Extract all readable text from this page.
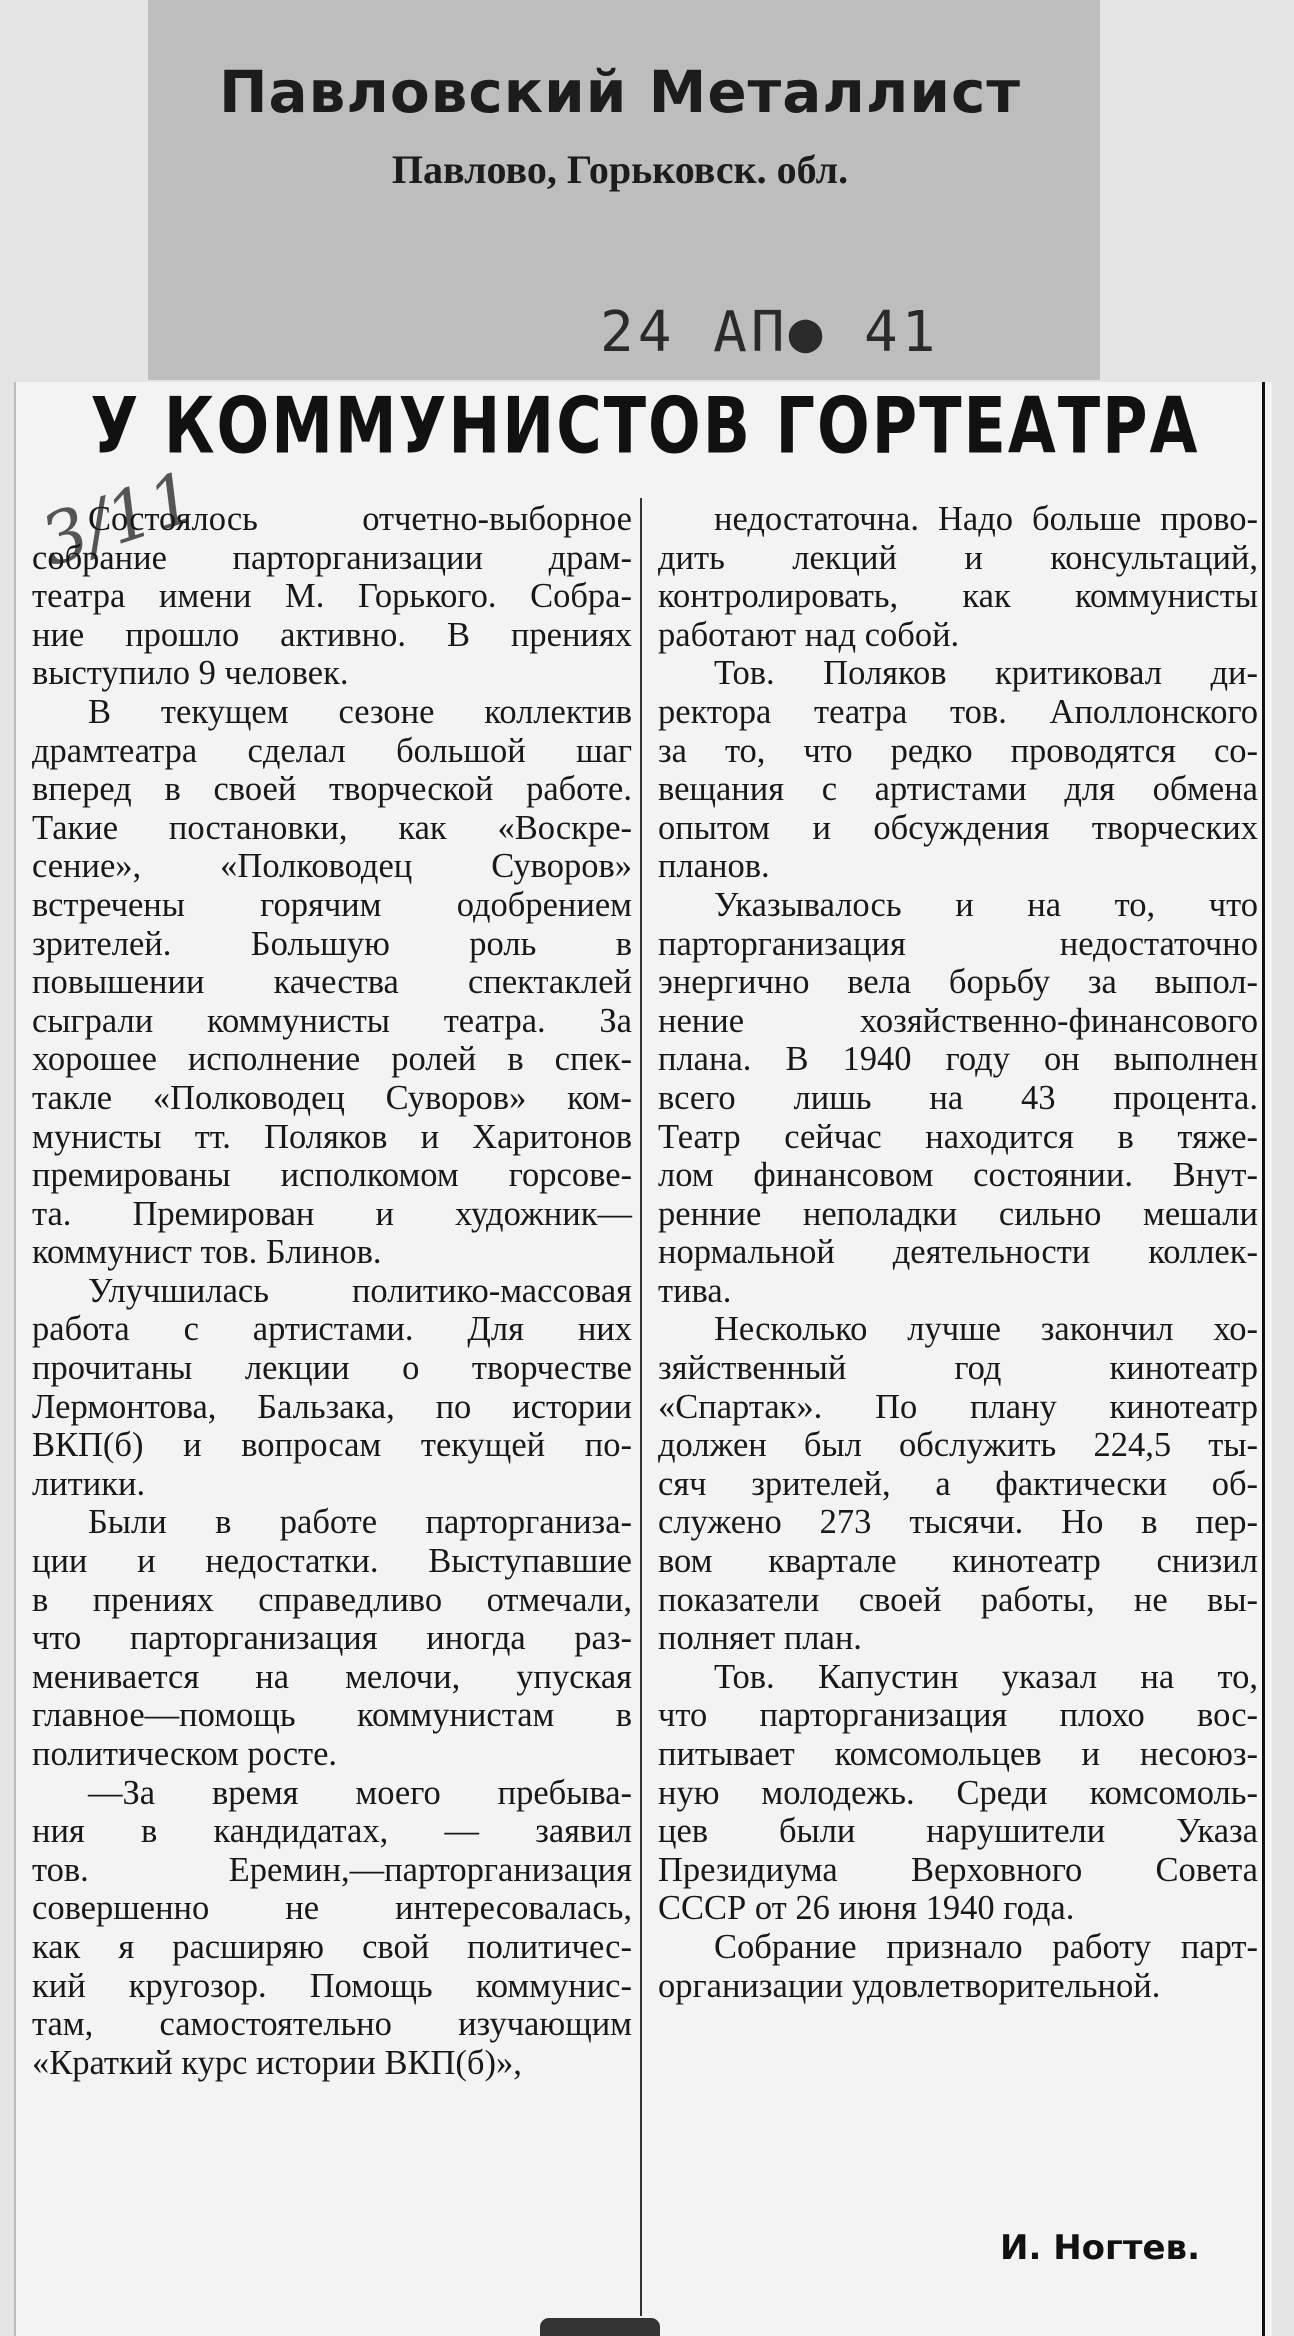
Павловский Металлист
Павлово, Горьковск. обл.
24 АП● 41
У КОММУНИСТОВ ГОРТЕАТРА
3/11

Состоялось отчетно-выборное
собрание парторганизации драм-
театра имени М. Горького. Собра-
ние прошло активно. В прениях
выступило 9 человек.

В текущем сезоне коллектив
драмтеатра сделал большой шаг
вперед в своей творческой работе.
Такие постановки, как «Воскре-
сение», «Полководец Суворов»
встречены горячим одобрением
зрителей. Большую роль в
повышении качества спектаклей
сыграли коммунисты театра. За
хорошее исполнение ролей в спек-
такле «Полководец Суворов» ком-
мунисты тт. Поляков и Харитонов
премированы исполкомом горсове-
та. Премирован и художник—
коммунист тов. Блинов.

Улучшилась политико-массовая
работа с артистами. Для них
прочитаны лекции о творчестве
Лермонтова, Бальзака, по истории
ВКП(б) и вопросам текущей по-
литики.

Были в работе парторганиза-
ции и недостатки. Выступавшие
в прениях справедливо отмечали,
что парторганизация иногда раз-
менивается на мелочи, упуская
главное—помощь коммунистам в
политическом росте.

—За время моего пребыва-
ния в кандидатах, — заявил
тов. Еремин,—парторганизация
совершенно не интересовалась,
как я расширяю свой политичес-
кий кругозор. Помощь коммунис-
там, самостоятельно изучающим
«Краткий курс истории ВКП(б)»,

недостаточна. Надо больше прово-
дить лекций и консультаций,
контролировать, как коммунисты
работают над собой.

Тов. Поляков критиковал ди-
ректора театра тов. Аполлонского
за то, что редко проводятся со-
вещания с артистами для обмена
опытом и обсуждения творческих
планов.

Указывалось и на то, что
парторганизация недостаточно
энергично вела борьбу за выпол-
нение хозяйственно-финансового
плана. В 1940 году он выполнен
всего лишь на 43 процента.
Театр сейчас находится в тяже-
лом финансовом состоянии. Внут-
ренние неполадки сильно мешали
нормальной деятельности коллек-
тива.

Несколько лучше закончил хо-
зяйственный год кинотеатр
«Спартак». По плану кинотеатр
должен был обслужить 224,5 ты-
сяч зрителей, а фактически об-
служено 273 тысячи. Но в пер-
вом квартале кинотеатр снизил
показатели своей работы, не вы-
полняет план.

Тов. Капустин указал на то,
что парторганизация плохо вос-
питывает комсомольцев и несоюз-
ную молодежь. Среди комсомоль-
цев были нарушители Указа
Президиума Верховного Совета
СССР от 26 июня 1940 года.

Собрание признало работу парт-
организации удовлетворительной.

И. Ногтев.
